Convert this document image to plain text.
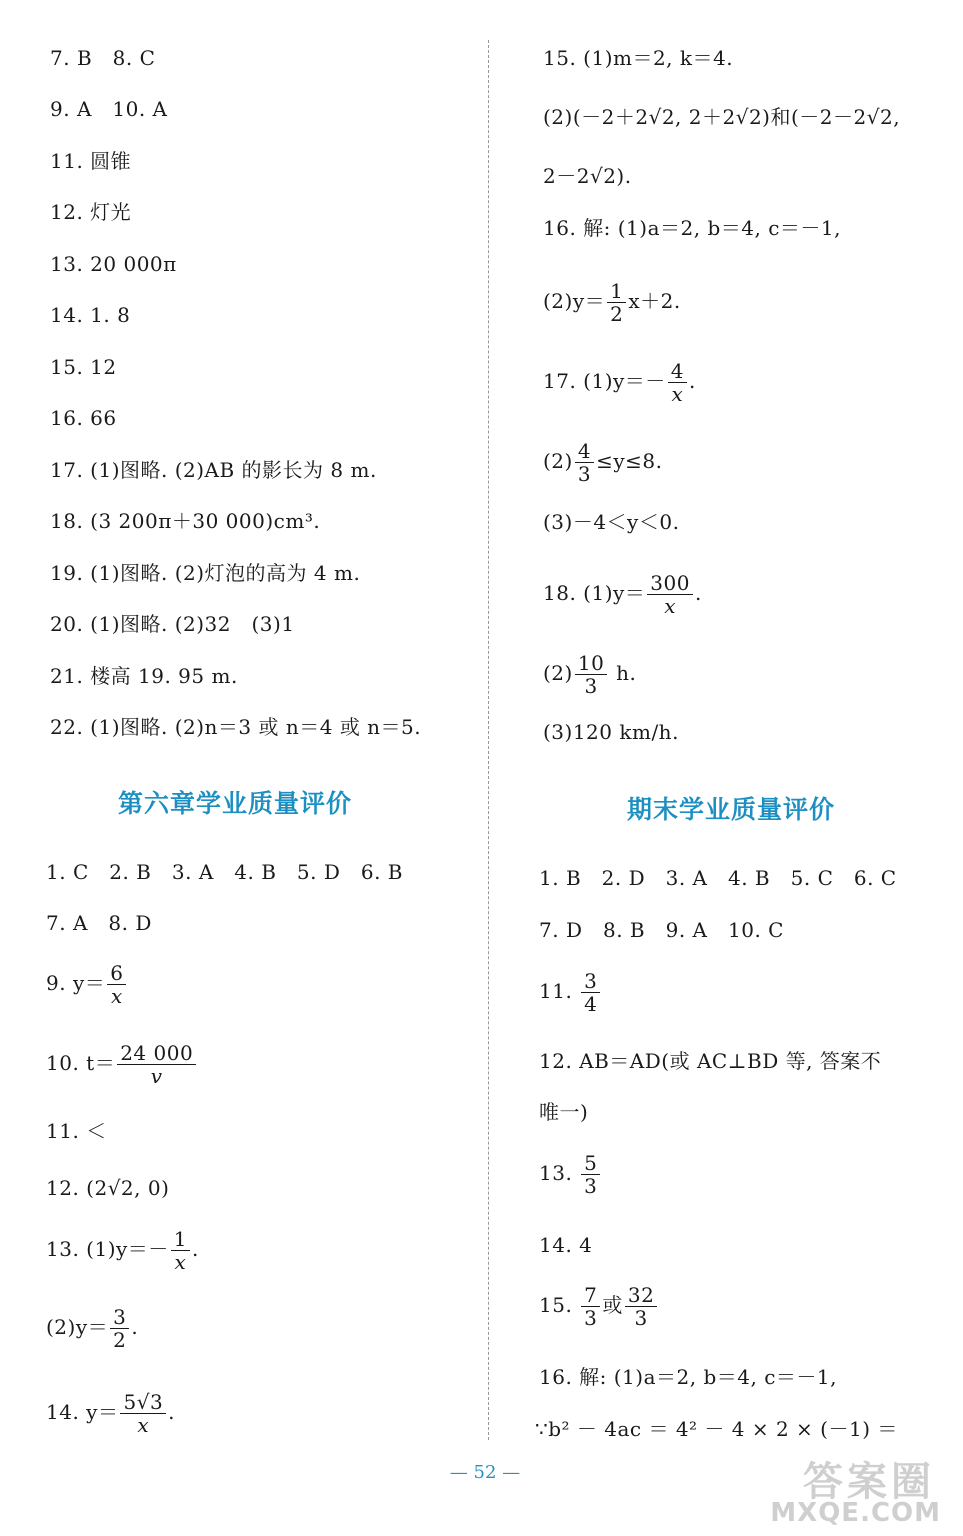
7. B　8. C
9. A　10. A
11. 圆锥
12. 灯光
13. 20 000π
14. 1. 8
15. 12
16. 66
17. (1)图略. (2)AB 的影长为 8 m.
18. (3 200π＋30 000)cm³.
19. (1)图略. (2)灯泡的高为 4 m.
20. (1)图略. (2)32　(3)1
21. 楼高 19. 95 m.
22. (1)图略. (2)n＝3 或 n＝4 或 n＝5.
第六章学业质量评价
1. C　2. B　3. A　4. B　5. D　6. B
7. A　8. D
9. $y= \frac{6}{x}$
10. $t= \frac{24 000}{v}$
11. ＜
12. (2√2, 0)
13. $(1)y=- \frac{1}{x}$ .
$(2)y= \frac{3}{2}$ .
14. $y= \frac{5√3}{x}$ .
15. (1)m＝2, k＝4.
(2)(－2＋2√2, 2＋2√2)和(－2－2√2,
2－2√2).
16. 解: (1)a＝2, b＝4, c＝－1,
$(2)y= \frac{1}{2} x+2$.
17. $(1)y=- \frac{4}{x}$ .
$(2) \frac{4}{3} \le y\le 8$.
(3)－4＜y＜0.
18. $(1)y= \frac{300}{x}$ .
$(2) \frac{10}{3} h$.
(3)120 km/h.
期末学业质量评价
1. B　2. D　3. A　4. B　5. C　6. C
7. D　8. B　9. A　10. C
11. $\frac{3}{4}$
12. AB＝AD(或 AC⊥BD 等, 答案不
唯一)
13. $\frac{5}{3}$
14. 4
15. $\frac{7}{3}$ 或 $\frac{32}{3}$
16. 解: (1)a＝2, b＝4, c＝－1,
∵b² － 4ac ＝ 4² － 4 × 2 × (－1) ＝
— 52 —	答案圈
MXQE.COM
